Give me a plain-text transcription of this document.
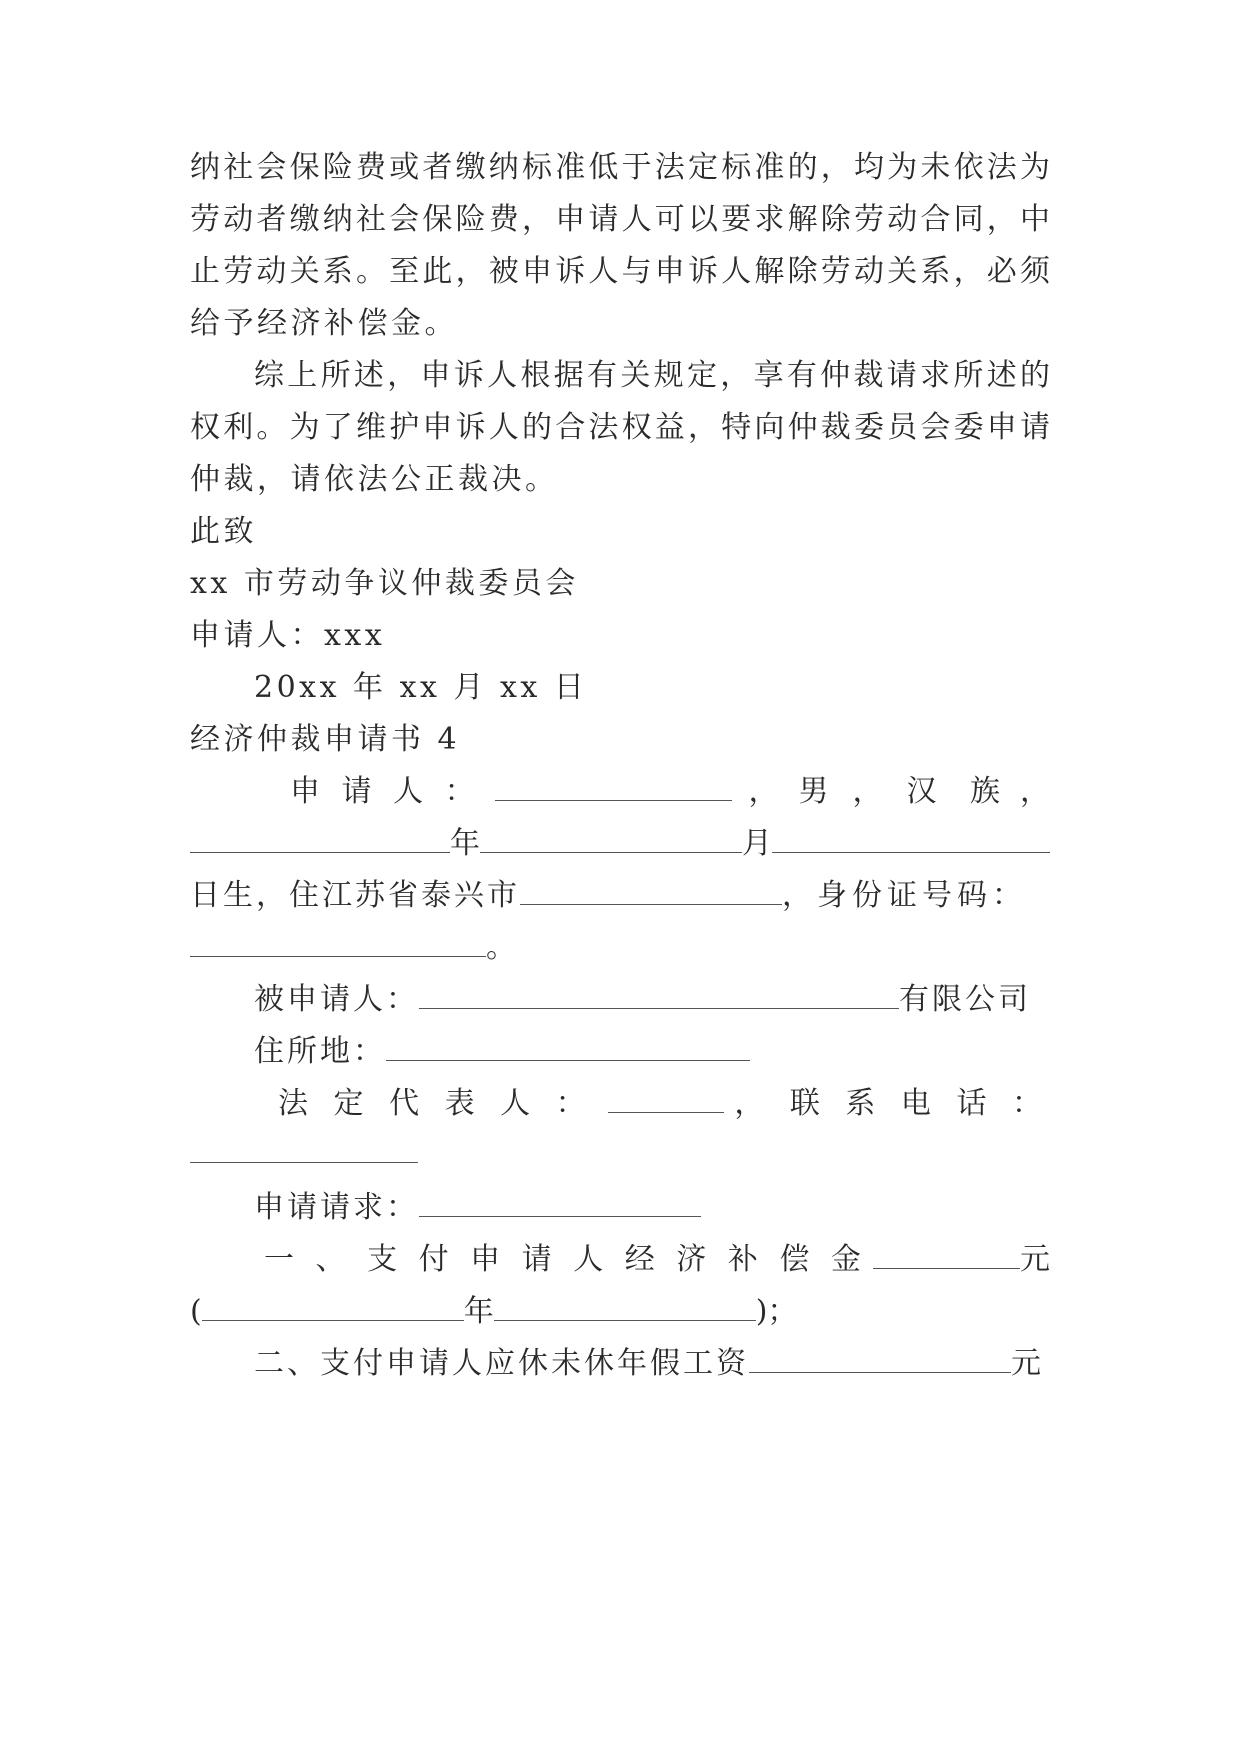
纳社会保险费或者缴纳标准低于法定标准的，均为未依法为
劳动者缴纳社会保险费，申请人可以要求解除劳动合同，中
止劳动关系。至此，被申诉人与申诉人解除劳动关系，必须
给予经济补偿金。
综上所述，申诉人根据有关规定，享有仲裁请求所述的
权利。为了维护申诉人的合法权益，特向仲裁委员会委申请
仲裁，请依法公正裁决。
此致
xx 市劳动争议仲裁委员会
申请人：xxx
20xx 年 xx 月 xx 日
经济仲裁申请书 4
申 请 人 ：	， 男 ， 汉 族 ，
年	月
日生，住江苏省泰兴市	，身份证号码：
。
被申请人：	有限公司
住所地：
法 定 代 表 人 ：	， 联 系 电 话 ：
申请请求：
一 、 支 付 申 请 人 经 济 补 偿 金	元
(	年	)；
二、支付申请人应休未休年假工资	元
